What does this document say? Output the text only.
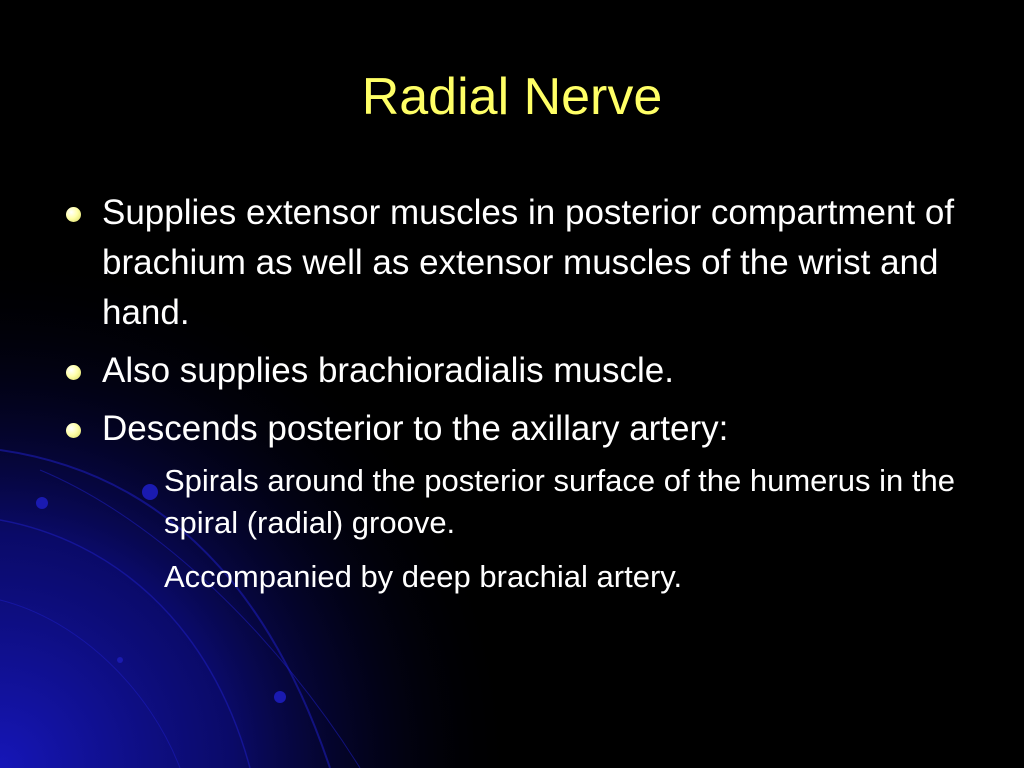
Radial Nerve
Supplies extensor muscles in posterior compartment of brachium as well as extensor muscles of the wrist and hand.
Also supplies brachioradialis muscle.
Descends posterior to the axillary artery:
Spirals around the posterior surface of the humerus in the spiral (radial) groove.
Accompanied by deep brachial artery.
